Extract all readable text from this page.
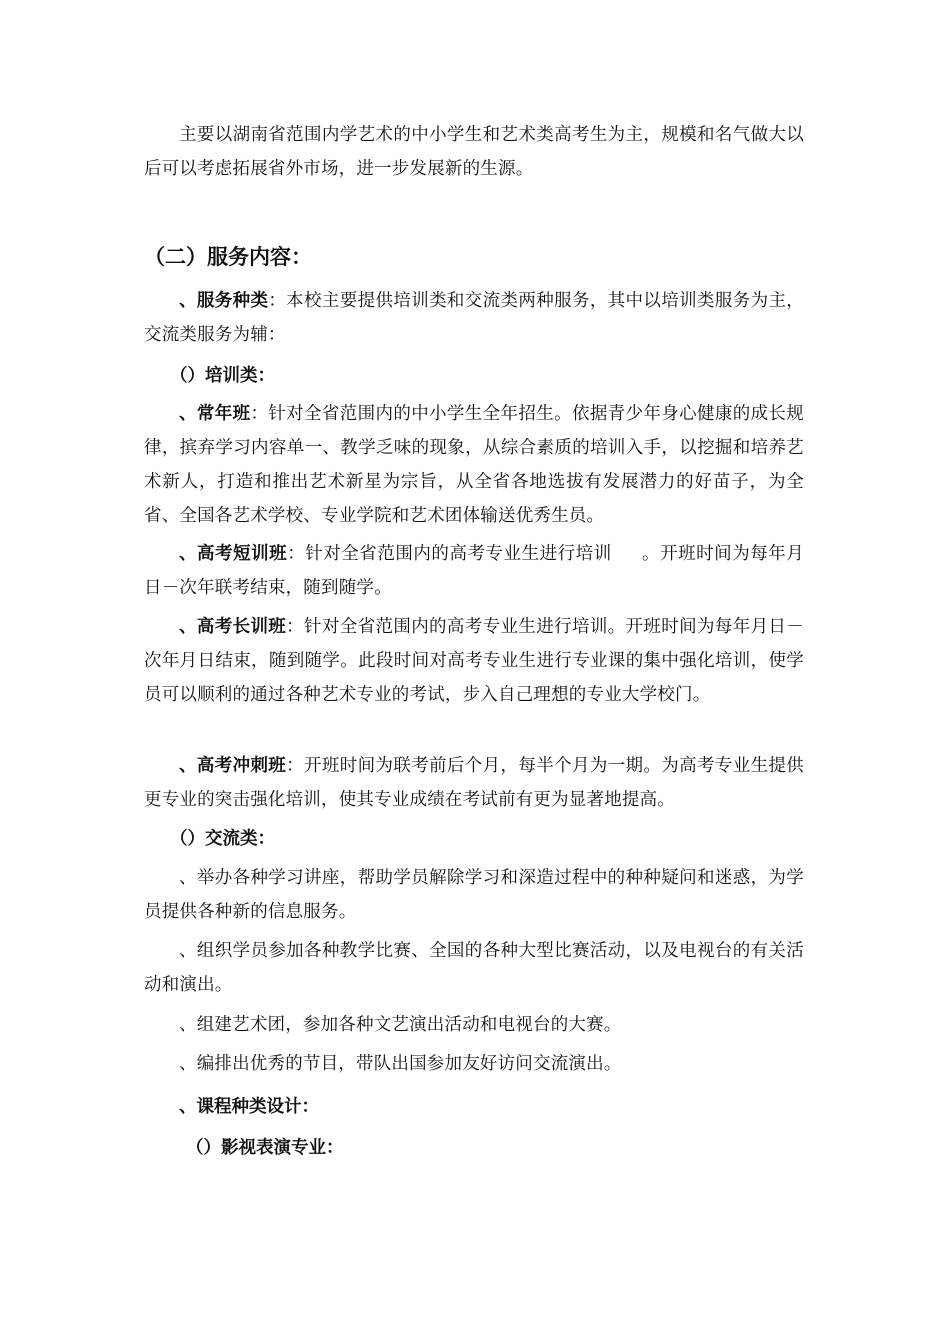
主要以湖南省范围内学艺术的中小学生和艺术类高考生为主，规模和名气做大以后可以考虑拓展省外市场，进一步发展新的生源。

（二）服务内容：

、服务种类：本校主要提供培训类和交流类两种服务，其中以培训类服务为主，交流类服务为辅：

（）培训类：

、常年班：针对全省范围内的中小学生全年招生。依据青少年身心健康的成长规律，摈弃学习内容单一、教学乏味的现象，从综合素质的培训入手，以挖掘和培养艺术新人，打造和推出艺术新星为宗旨，从全省各地选拔有发展潜力的好苗子，为全省、全国各艺术学校、专业学院和艺术团体输送优秀生员。

、高考短训班：针对全省范围内的高考专业生进行培训 。开班时间为每年月日－次年联考结束，随到随学。

、高考长训班：针对全省范围内的高考专业生进行培训。开班时间为每年月日－次年月日结束，随到随学。此段时间对高考专业生进行专业课的集中强化培训，使学员可以顺利的通过各种艺术专业的考试，步入自己理想的专业大学校门。

、高考冲刺班：开班时间为联考前后个月，每半个月为一期。为高考专业生提供更专业的突击强化培训，使其专业成绩在考试前有更为显著地提高。

（）交流类：

、举办各种学习讲座，帮助学员解除学习和深造过程中的种种疑问和迷惑，为学员提供各种新的信息服务。

、组织学员参加各种教学比赛、全国的各种大型比赛活动，以及电视台的有关活动和演出。

、组建艺术团，参加各种文艺演出活动和电视台的大赛。

、编排出优秀的节目，带队出国参加友好访问交流演出。

、课程种类设计：
（）影视表演专业：
